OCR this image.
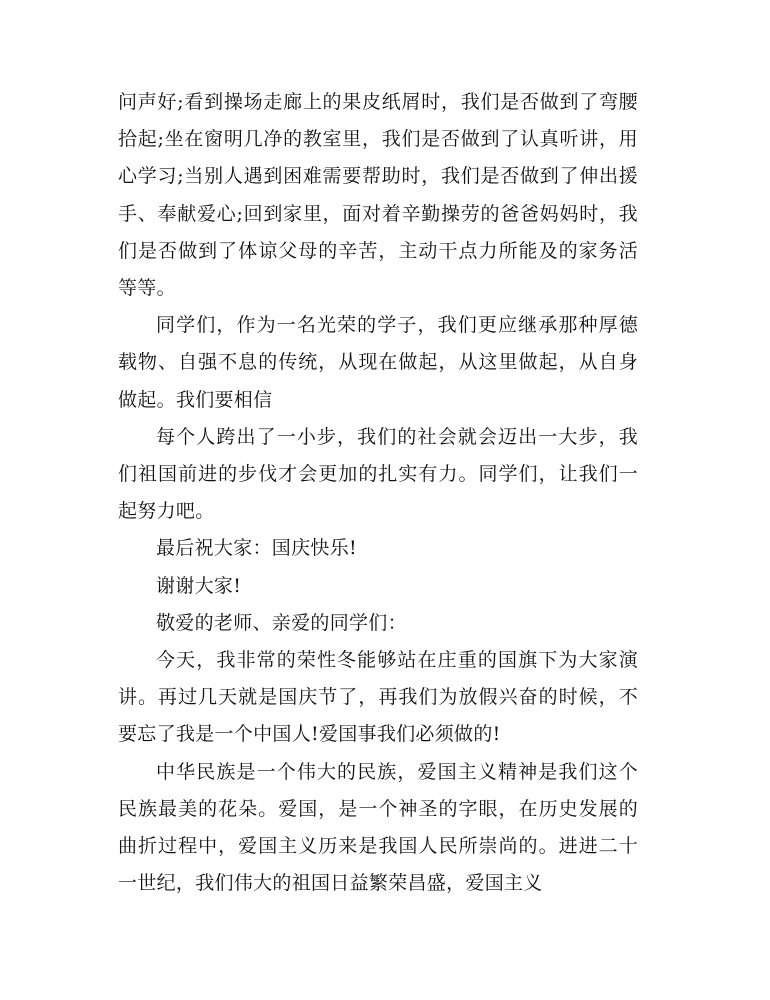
问声好;看到操场走廊上的果皮纸屑时，我们是否做到了弯腰拾起;坐在窗明几净的教室里，我们是否做到了认真听讲，用心学习;当别人遇到困难需要帮助时，我们是否做到了伸出援手、奉献爱心;回到家里，面对着辛勤操劳的爸爸妈妈时，我们是否做到了体谅父母的辛苦，主动干点力所能及的家务活等等。

同学们，作为一名光荣的学子，我们更应继承那种厚德载物、自强不息的传统，从现在做起，从这里做起，从自身做起。我们要相信

每个人跨出了一小步，我们的社会就会迈出一大步，我们祖国前进的步伐才会更加的扎实有力。同学们，让我们一起努力吧。

最后祝大家：国庆快乐!

谢谢大家!

敬爱的老师、亲爱的同学们：

今天，我非常的荣性冬能够站在庄重的国旗下为大家演讲。再过几天就是国庆节了，再我们为放假兴奋的时候，不要忘了我是一个中国人!爱国事我们必须做的!

中华民族是一个伟大的民族，爱国主义精神是我们这个民族最美的花朵。爱国，是一个神圣的字眼，在历史发展的曲折过程中，爱国主义历来是我国人民所崇尚的。进进二十一世纪，我们伟大的祖国日益繁荣昌盛，爱国主义
